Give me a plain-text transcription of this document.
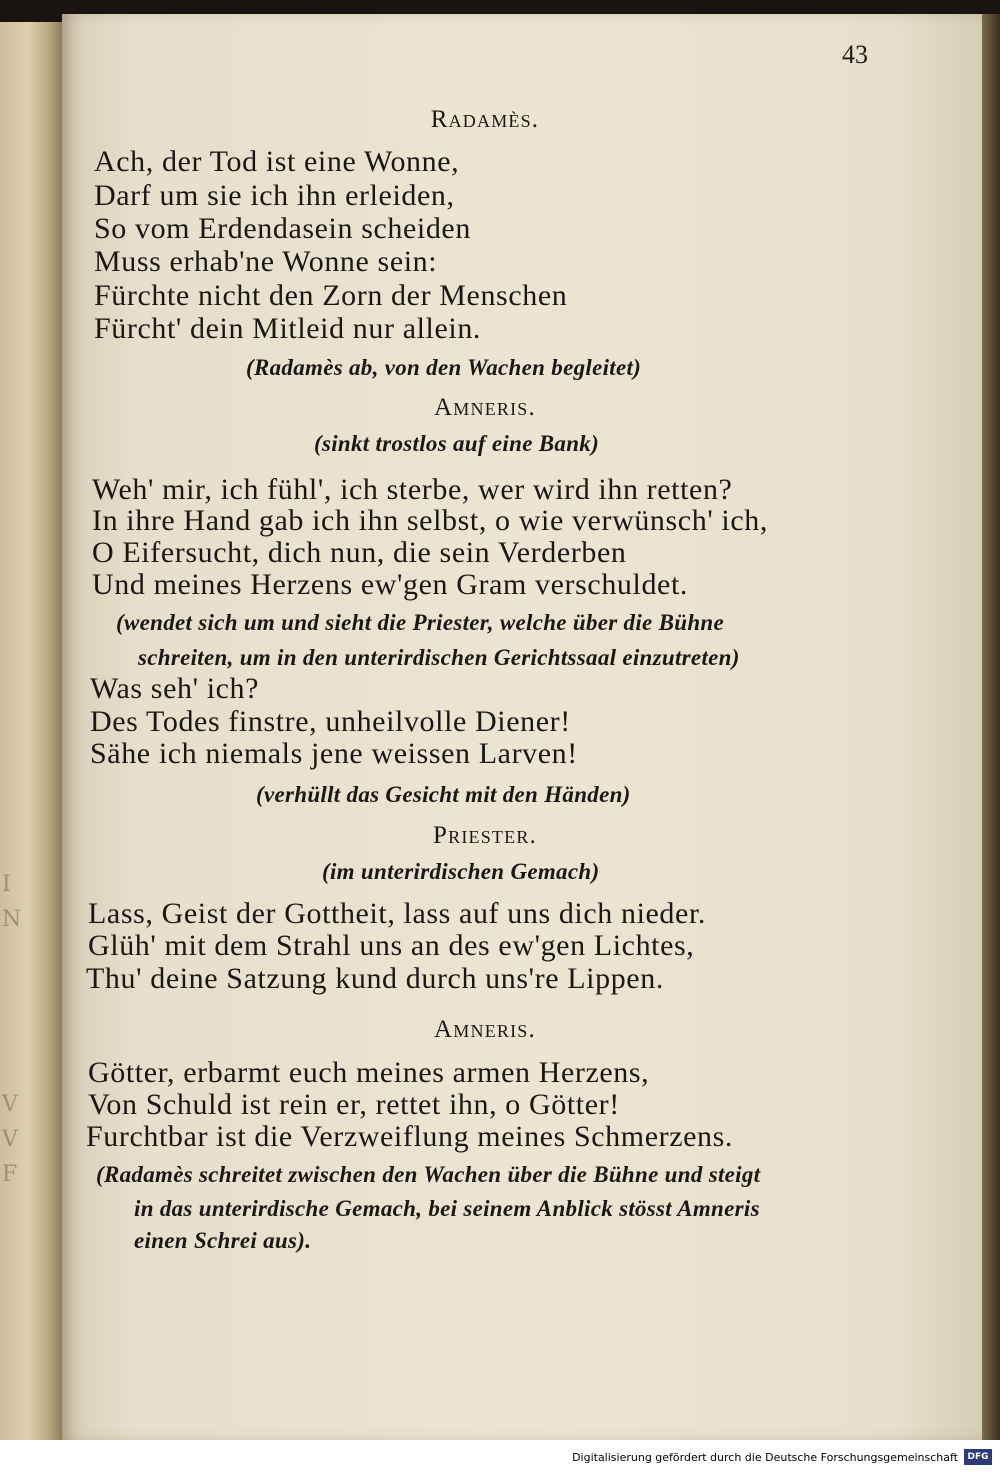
I
N
V
V
F
43
Radamès.
Ach, der Tod ist eine Wonne,
Darf um sie ich ihn erleiden,
So vom Erdendasein scheiden
Muss erhab'ne Wonne sein:
Fürchte nicht den Zorn der Menschen
Fürcht' dein Mitleid nur allein.
(Radamès ab, von den Wachen begleitet)
Amneris.
(sinkt trostlos auf eine Bank)
Weh' mir, ich fühl', ich sterbe, wer wird ihn retten?
In ihre Hand gab ich ihn selbst, o wie verwünsch' ich,
O Eifersucht, dich nun, die sein Verderben
Und meines Herzens ew'gen Gram verschuldet.
(wendet sich um und sieht die Priester, welche über die Bühne
schreiten, um in den unterirdischen Gerichtssaal einzutreten)
Was seh' ich?
Des Todes finstre, unheilvolle Diener!
Sähe ich niemals jene weissen Larven!
(verhüllt das Gesicht mit den Händen)
Priester.
(im unterirdischen Gemach)
Lass, Geist der Gottheit, lass auf uns dich nieder.
Glüh' mit dem Strahl uns an des ew'gen Lichtes,
Thu' deine Satzung kund durch uns're Lippen.
Amneris.
Götter, erbarmt euch meines armen Herzens,
Von Schuld ist rein er, rettet ihn, o Götter!
Furchtbar ist die Verzweiflung meines Schmerzens.
(Radamès schreitet zwischen den Wachen über die Bühne und steigt
in das unterirdische Gemach, bei seinem Anblick stösst Amneris
einen Schrei aus).
Digitalisierung gefördert durch die Deutsche Forschungsgemeinschaft	DFG
